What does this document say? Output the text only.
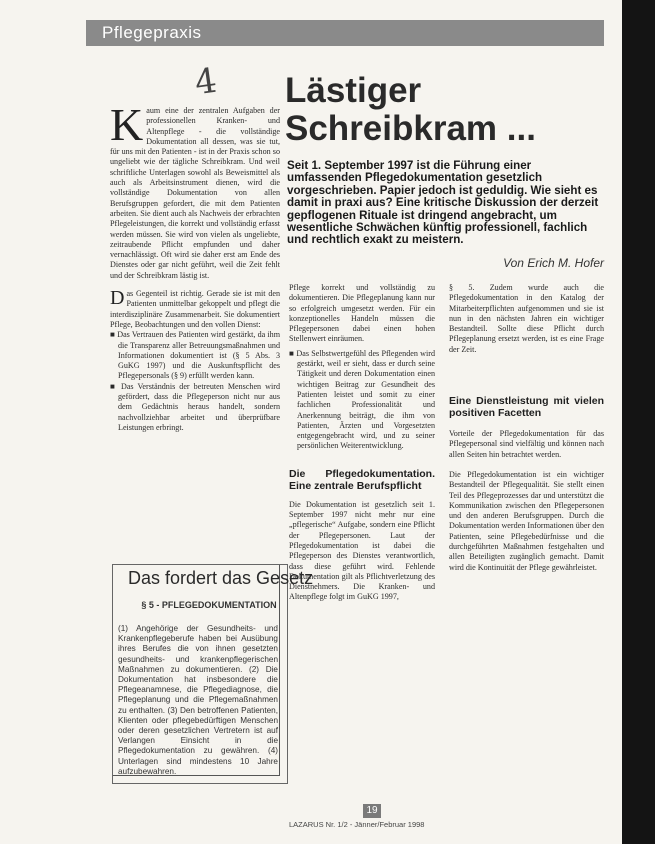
Pflegepraxis
4 Lästiger
Schreibkram ...
Seit 1. September 1997 ist die Führung einer umfassenden Pflegedokumentation gesetzlich vorgeschrieben. Papier jedoch ist geduldig. Wie sieht es damit in praxi aus? Eine kritische Diskussion der derzeit gepflogenen Rituale ist dringend angebracht, um wesentliche Schwächen künftig professionell, fachlich und rechtlich exakt zu meistern.
Von Erich M. Hofer

Kaum eine der zentralen Aufgaben der professionellen Kranken- und Altenpflege - die vollständige Dokumentation all dessen, was sie tut, für uns mit den Patienten - ist in der Praxis schon so ungeliebt wie der tägliche Schreibkram. Und weil schriftliche Unterlagen sowohl als Beweismittel als auch als Arbeitsinstrument dienen, wird die vollständige Dokumentation von allen Berufsgruppen gefordert, die mit dem Patienten arbeiten. Sie dient auch als Nachweis der erbrachten Pflegeleistungen, die korrekt und vollständig erfasst werden müssen. Sie wird von vielen als ungeliebte, zeitraubende Pflicht empfunden und daher vernachlässigt. Oft wird sie daher erst am Ende des Dienstes oder gar nicht geführt, weil die Zeit fehlt und der Schreibkram lästig ist.

Das Gegenteil ist richtig. Gerade sie ist mit den Patienten unmittelbar gekoppelt und pflegt die interdisziplinäre Zusammenarbeit. Sie dokumentiert Pflege, Beobachtungen und den vollen Dienst:

■ Das Vertrauen des Patienten wird gestärkt, da ihm die Transparenz aller Betreuungsmaßnahmen und Informationen dokumentiert ist (§ 5 Abs. 3 GuKG 1997) und die Auskunftspflicht des Pflegepersonals (§ 9) erfüllt werden kann.

■ Das Verständnis der betreuten Menschen wird gefördert, dass die Pflegeperson nicht nur aus dem Gedächtnis heraus handelt, sondern nachvollziehbar arbeitet und überprüfbare Leistungen erbringt.

Pflege korrekt und vollständig zu dokumentieren. Die Pflegeplanung kann nur so erfolgreich umgesetzt werden. Für ein konzeptionelles Handeln müssen die Pflegepersonen dabei einen hohen Stellenwert einräumen.

■ Das Selbstwertgefühl des Pflegenden wird gestärkt, weil er sieht, dass er durch seine Tätigkeit und deren Dokumentation einen wichtigen Beitrag zur Gesundheit des Patienten leistet und somit zu einer fachlichen Professionalität und Anerkennung beiträgt, die ihm von Patienten, Ärzten und Vorgesetzten entgegengebracht wird, und zu seiner persönlichen Weiterentwicklung.

Die Pflegedokumentation. Eine zentrale Berufspflicht

Die Dokumentation ist gesetzlich seit 1. September 1997 nicht mehr nur eine „pflegerische“ Aufgabe, sondern eine Pflicht der Pflegepersonen. Laut der Pflegedokumentation ist dabei die Pflegeperson des Dienstes verantwortlich, dass diese geführt wird. Fehlende Dokumentation gilt als Pflichtverletzung des Dienstnehmers. Die Kranken- und Altenpflege folgt im GuKG 1997,

§ 5. Zudem wurde auch die Pflegedokumentation in den Katalog der Mitarbeiterpflichten aufgenommen und sie ist nun in den nächsten Jahren ein wichtiger Bestandteil. Sollte diese Pflicht durch Pflegeplanung ersetzt werden, ist es eine Frage der Zeit.

Eine Dienstleistung mit vielen positiven Facetten

Vorteile der Pflegedokumentation für das Pflegepersonal sind vielfältig und können nach allen Seiten hin betrachtet werden.

Die Pflegedokumentation ist ein wichtiger Bestandteil der Pflegequalität. Sie stellt einen Teil des Pflegeprozesses dar und unterstützt die Kommunikation zwischen den Pflegepersonen und den anderen Berufsgruppen. Durch die Dokumentation werden Informationen über den Patienten, seine Pflegebedürfnisse und die durchgeführten Maßnahmen festgehalten und allen Beteiligten zugänglich gemacht. Damit wird die Kontinuität der Pflege gewährleistet.

Das fordert das Gesetz
§ 5 - PFLEGEDOKUMENTATION
(1) Angehörige der Gesundheits- und Krankenpflegeberufe haben bei Ausübung ihres Berufes die von ihnen gesetzten gesundheits- und krankenpflegerischen Maßnahmen zu dokumentieren. (2) Die Dokumentation hat insbesondere die Pflegeanamnese, die Pflegediagnose, die Pflegeplanung und die Pflegemaßnahmen zu enthalten. (3) Den betroffenen Patienten, Klienten oder pflegebedürftigen Menschen oder deren gesetzlichen Vertretern ist auf Verlangen Einsicht in die Pflegedokumentation zu gewähren. (4) Unterlagen sind mindestens 10 Jahre aufzubewahren.
19
LAZARUS Nr. 1/2 - Jänner/Februar 1998
